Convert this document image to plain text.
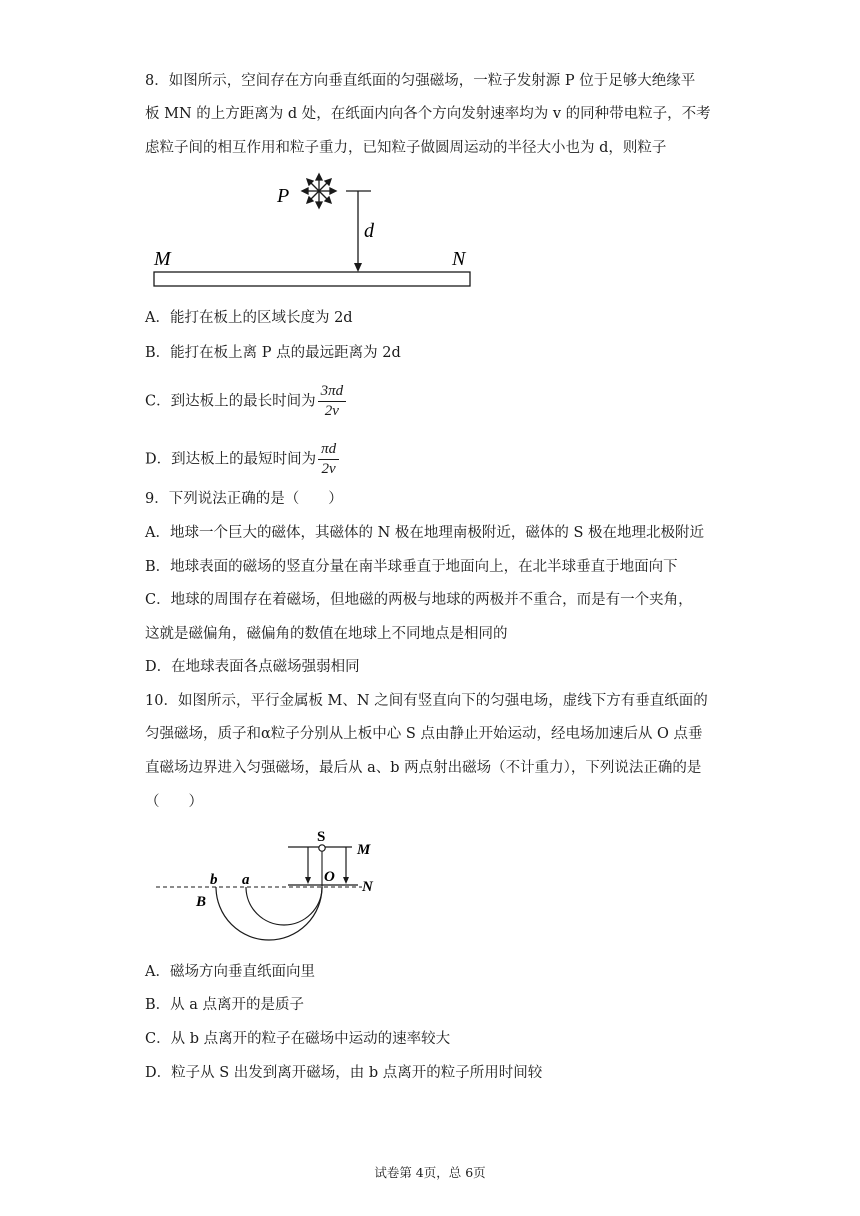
8．如图所示，空间存在方向垂直纸面的匀强磁场，一粒子发射源 P 位于足够大绝缘平
板 MN 的上方距离为 d 处，在纸面内向各个方向发射速率均为 v 的同种带电粒子，不考
虑粒子间的相互作用和粒子重力，已知粒子做圆周运动的半径大小也为 d，则粒子
P
d
M	N
A．能打在板上的区域长度为 2d
B．能打在板上离 P 点的最远距离为 2d
C．到达板上的最长时间为 $\frac{3\pi d}{2v}$
D．到达板上的最短时间为 $\frac{\pi d}{2v}$
9．下列说法正确的是（　　）
A．地球一个巨大的磁体，其磁体的 N 极在地理南极附近，磁体的 S 极在地理北极附近
B．地球表面的磁场的竖直分量在南半球垂直于地面向上，在北半球垂直于地面向下
C．地球的周围存在着磁场，但地磁的两极与地球的两极并不重合，而是有一个夹角，
这就是磁偏角，磁偏角的数值在地球上不同地点是相同的
D．在地球表面各点磁场强弱相同
10．如图所示，平行金属板 M、N 之间有竖直向下的匀强电场，虚线下方有垂直纸面的
匀强磁场，质子和α粒子分别从上板中心 S 点由静止开始运动，经电场加速后从 O 点垂
直磁场边界进入匀强磁场，最后从 a、b 两点射出磁场（不计重力），下列说法正确的是
（　　）
M
S
N
O
a
b
B
A．磁场方向垂直纸面向里
B．从 a 点离开的是质子
C．从 b 点离开的粒子在磁场中运动的速率较大
D．粒子从 S 出发到离开磁场，由 b 点离开的粒子所用时间较
试卷第 4页，总 6页
